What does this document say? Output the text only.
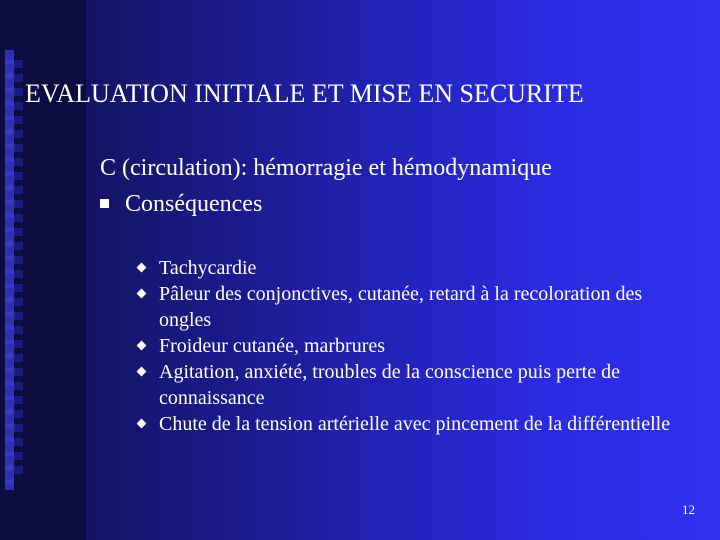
EVALUATION INITIALE ET MISE EN SECURITE
C (circulation): hémorragie et hémodynamique
Conséquences
Tachycardie
Pâleur des conjonctives, cutanée, retard à la recoloration des ongles
Froideur cutanée, marbrures
Agitation, anxiété, troubles de la conscience puis perte de connaissance
Chute de la tension artérielle avec pincement de la différentielle
12
